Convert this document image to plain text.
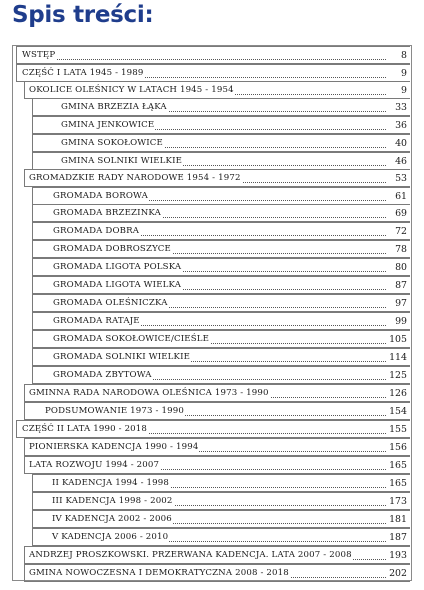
Spis treści:
WSTĘP	8
CZĘŚĆ I LATA 1945 - 1989	9
OKOLICE OLEŚNICY W LATACH 1945 - 1954	9
GMINA BRZEZIA ŁĄKA	33
GMINA JENKOWICE	36
GMINA SOKOŁOWICE	40
GMINA SOLNIKI WIELKIE	46
GROMADZKIE RADY NARODOWE 1954 - 1972	53
GROMADA BOROWA	61
GROMADA BRZEZINKA	69
GROMADA DOBRA	72
GROMADA DOBROSZYCE	78
GROMADA LIGOTA POLSKA	80
GROMADA LIGOTA WIELKA	87
GROMADA OLEŚNICZKA	97
GROMADA RATAJE	99
GROMADA SOKOŁOWICE/CIEŚLE	105
GROMADA SOLNIKI WIELKIE	114
GROMADA ZBYTOWA	125
GMINNA RADA NARODOWA OLEŚNICA 1973 - 1990	126
PODSUMOWANIE 1973 - 1990	154
CZĘŚĆ II LATA 1990 - 2018	155
PIONIERSKA KADENCJA 1990 - 1994	156
LATA ROZWOJU 1994 - 2007	165
II KADENCJA 1994 - 1998	165
III KADENCJA 1998 - 2002	173
IV KADENCJA 2002 - 2006	181
V KADENCJA 2006 - 2010	187
ANDRZEJ PROSZKOWSKI. PRZERWANA KADENCJA. LATA 2007 - 2008	193
GMINA NOWOCZESNA I DEMOKRATYCZNA 2008 - 2018	202
